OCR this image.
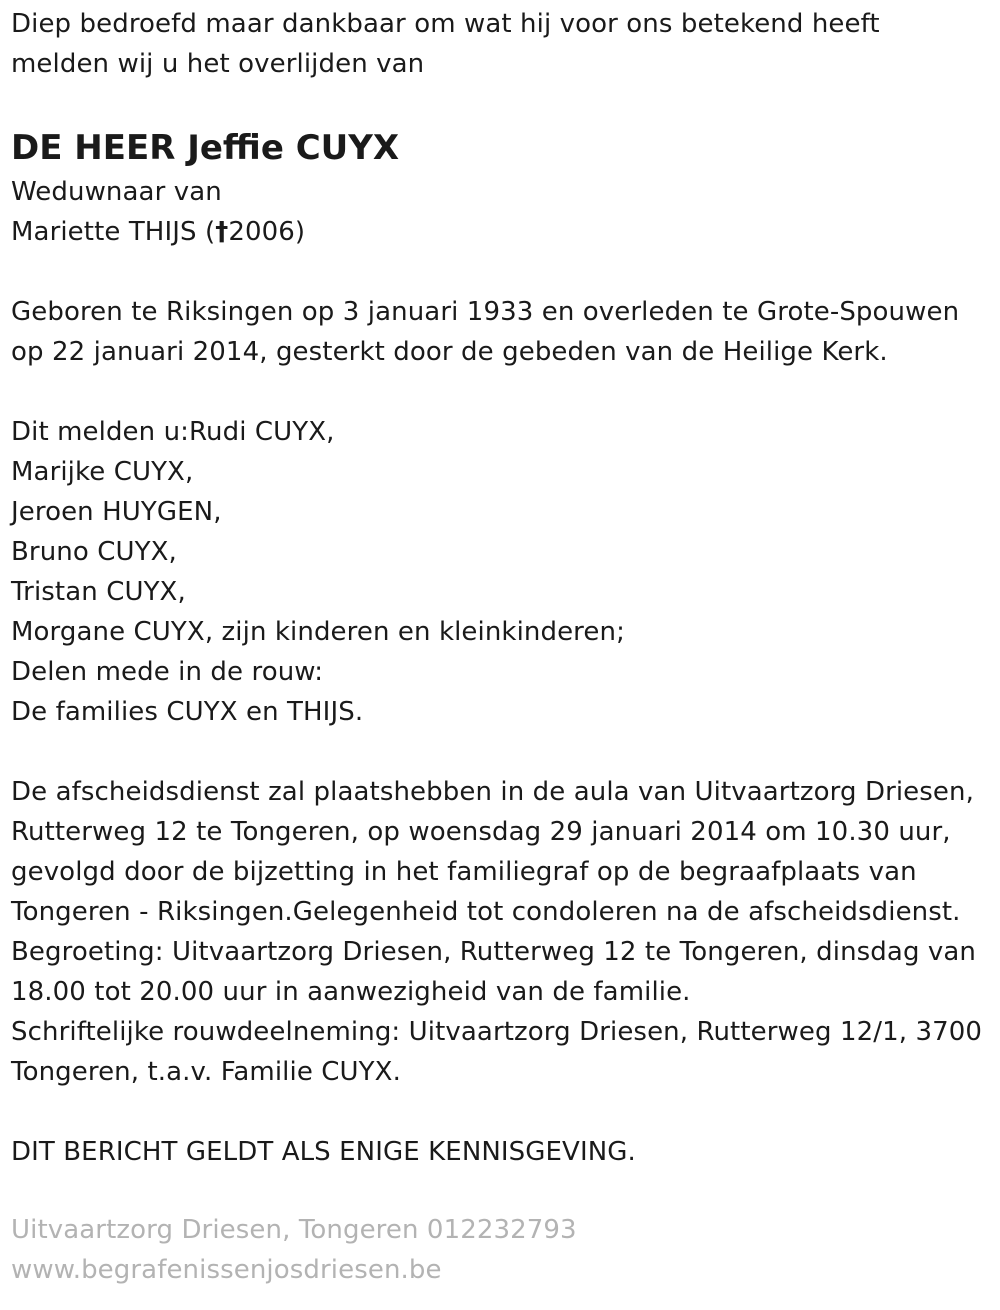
Diep bedroefd maar dankbaar om wat hij voor ons betekend heeft
melden wij u het overlijden van
DE HEER Jeffie CUYX
Weduwnaar van
Mariette THIJS (†2006)
Geboren te Riksingen op 3 januari 1933 en overleden te Grote-Spouwen
op 22 januari 2014, gesterkt door de gebeden van de Heilige Kerk.
Dit melden u:Rudi CUYX,
Marijke CUYX,
Jeroen HUYGEN,
Bruno CUYX,
Tristan CUYX,
Morgane CUYX, zijn kinderen en kleinkinderen;
Delen mede in de rouw:
De families CUYX en THIJS.
De afscheidsdienst zal plaatshebben in de aula van Uitvaartzorg Driesen,
Rutterweg 12 te Tongeren, op woensdag 29 januari 2014 om 10.30 uur,
gevolgd door de bijzetting in het familiegraf op de begraafplaats van
Tongeren - Riksingen.Gelegenheid tot condoleren na de afscheidsdienst.
Begroeting: Uitvaartzorg Driesen, Rutterweg 12 te Tongeren, dinsdag van
18.00 tot 20.00 uur in aanwezigheid van de familie.
Schriftelijke rouwdeelneming: Uitvaartzorg Driesen, Rutterweg 12/1, 3700
Tongeren, t.a.v. Familie CUYX.
DIT BERICHT GELDT ALS ENIGE KENNISGEVING.
Uitvaartzorg Driesen, Tongeren 012232793
www.begrafenissenjosdriesen.be
